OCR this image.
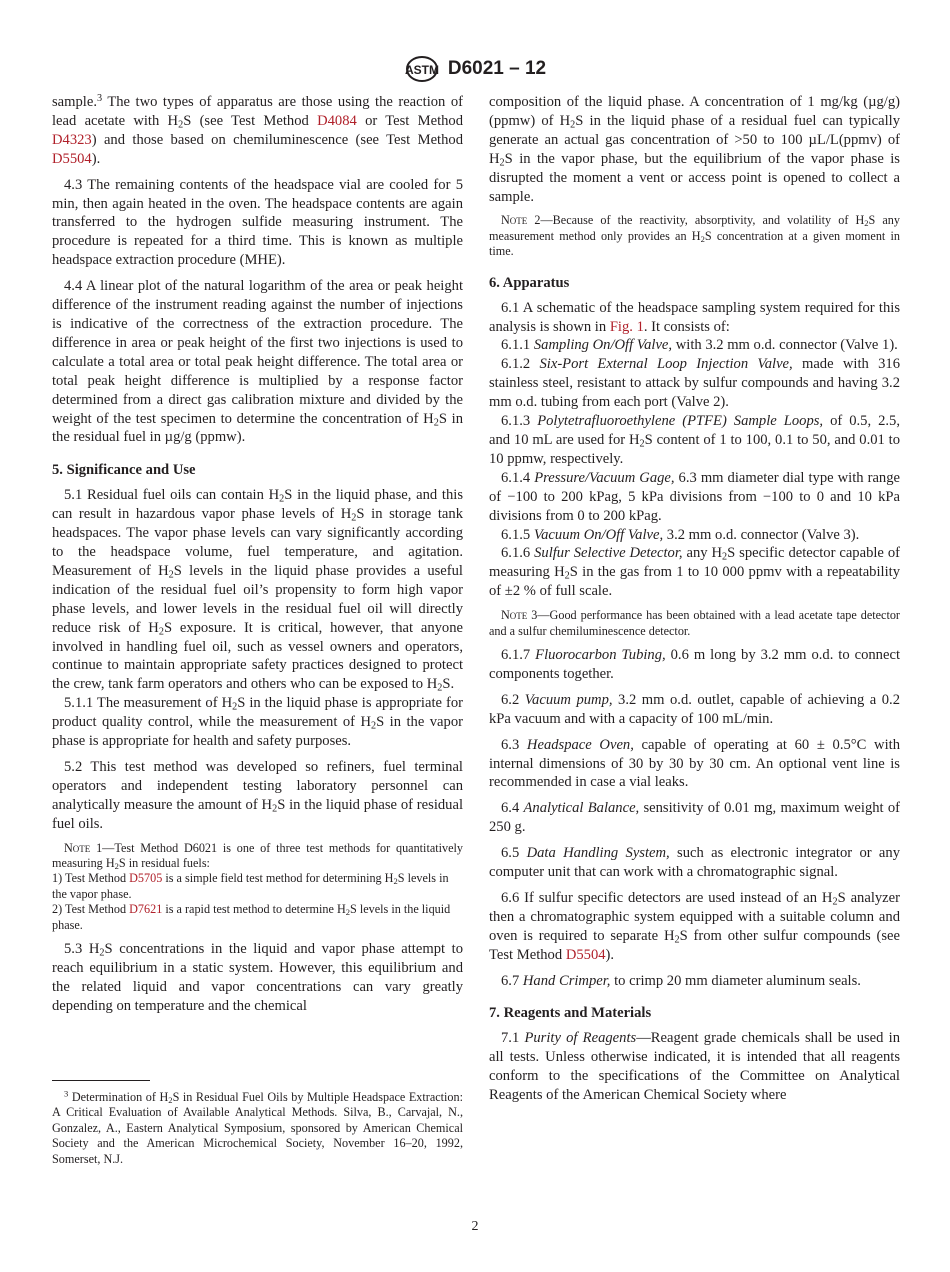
ASTM D6021 – 12

sample.$^3$ The two types of apparatus are those using the reaction of lead acetate with $H_2S$ (see Test Method D4084 or Test Method D4323) and those based on chemiluminescence (see Test Method D5504).

4.3 The remaining contents of the headspace vial are cooled for 5 min, then again heated in the oven. The headspace contents are again transferred to the hydrogen sulfide measuring instrument. The procedure is repeated for a third time. This is known as multiple headspace extraction procedure (MHE).

4.4 A linear plot of the natural logarithm of the area or peak height difference of the instrument reading against the number of injections is indicative of the correctness of the extraction procedure. The difference in area or peak height of the first two injections is used to calculate a total area or total peak height difference. The total area or total peak height difference is multiplied by a response factor determined from a direct gas calibration mixture and divided by the weight of the test specimen to determine the concentration of $H_2S$ in the residual fuel in µg/g (ppmw).

5. Significance and Use

5.1 Residual fuel oils can contain $H_2S$ in the liquid phase, and this can result in hazardous vapor phase levels of $H_2S$ in storage tank headspaces. The vapor phase levels can vary significantly according to the headspace volume, fuel temperature, and agitation. Measurement of $H_2S$ levels in the liquid phase provides a useful indication of the residual fuel oil’s propensity to form high vapor phase levels, and lower levels in the residual fuel oil will directly reduce risk of $H_2S$ exposure. It is critical, however, that anyone involved in handling fuel oil, such as vessel owners and operators, continue to maintain appropriate safety practices designed to protect the crew, tank farm operators and others who can be exposed to $H_2S$.

5.1.1 The measurement of $H_2S$ in the liquid phase is appropriate for product quality control, while the measurement of $H_2S$ in the vapor phase is appropriate for health and safety purposes.

5.2 This test method was developed so refiners, fuel terminal operators and independent testing laboratory personnel can analytically measure the amount of $H_2S$ in the liquid phase of residual fuel oils.

Note 1—Test Method D6021 is one of three test methods for quantitatively measuring $H_2S$ in residual fuels:

1) Test Method D5705 is a simple field test method for determining $H_2S$ levels in the vapor phase.

2) Test Method D7621 is a rapid test method to determine $H_2S$ levels in the liquid phase.

5.3 $H_2S$ concentrations in the liquid and vapor phase attempt to reach equilibrium in a static system. However, this equilibrium and the related liquid and vapor concentrations can vary greatly depending on temperature and the chemical

composition of the liquid phase. A concentration of 1 mg/kg (µg/g) (ppmw) of $H_2S$ in the liquid phase of a residual fuel can typically generate an actual gas concentration of >50 to 100 µL/L(ppmv) of $H_2S$ in the vapor phase, but the equilibrium of the vapor phase is disrupted the moment a vent or access point is opened to collect a sample.

Note 2—Because of the reactivity, absorptivity, and volatility of $H_2S$ any measurement method only provides an $H_2S$ concentration at a given moment in time.

6. Apparatus

6.1 A schematic of the headspace sampling system required for this analysis is shown in Fig. 1. It consists of:

6.1.1 Sampling On/Off Valve, with 3.2 mm o.d. connector (Valve 1).

6.1.2 Six-Port External Loop Injection Valve, made with 316 stainless steel, resistant to attack by sulfur compounds and having 3.2 mm o.d. tubing from each port (Valve 2).

6.1.3 Polytetrafluoroethylene (PTFE) Sample Loops, of 0.5, 2.5, and 10 mL are used for $H_2S$ content of 1 to 100, 0.1 to 50, and 0.01 to 10 ppmw, respectively.

6.1.4 Pressure/Vacuum Gage, 6.3 mm diameter dial type with range of −100 to 200 kPag, 5 kPa divisions from −100 to 0 and 10 kPa divisions from 0 to 200 kPag.

6.1.5 Vacuum On/Off Valve, 3.2 mm o.d. connector (Valve 3).

6.1.6 Sulfur Selective Detector, any $H_2S$ specific detector capable of measuring $H_2S$ in the gas from 1 to 10 000 ppmv with a repeatability of ±2 % of full scale.

Note 3—Good performance has been obtained with a lead acetate tape detector and a sulfur chemiluminescence detector.

6.1.7 Fluorocarbon Tubing, 0.6 m long by 3.2 mm o.d. to connect components together.

6.2 Vacuum pump, 3.2 mm o.d. outlet, capable of achieving a 0.2 kPa vacuum and with a capacity of 100 mL/min.

6.3 Headspace Oven, capable of operating at 60 ± 0.5°C with internal dimensions of 30 by 30 by 30 cm. An optional vent line is recommended in case a vial leaks.

6.4 Analytical Balance, sensitivity of 0.01 mg, maximum weight of 250 g.

6.5 Data Handling System, such as electronic integrator or any computer unit that can work with a chromatographic signal.

6.6 If sulfur specific detectors are used instead of an $H_2S$ analyzer then a chromatographic system equipped with a suitable column and oven is required to separate $H_2S$ from other sulfur compounds (see Test Method D5504).

6.7 Hand Crimper, to crimp 20 mm diameter aluminum seals.

7. Reagents and Materials

7.1 Purity of Reagents—Reagent grade chemicals shall be used in all tests. Unless otherwise indicated, it is intended that all reagents conform to the specifications of the Committee on Analytical Reagents of the American Chemical Society where

$^3$ Determination of $H_2S$ in Residual Fuel Oils by Multiple Headspace Extraction: A Critical Evaluation of Available Analytical Methods. Silva, B., Carvajal, N., Gonzalez, A., Eastern Analytical Symposium, sponsored by American Chemical Society and the American Microchemical Society, November 16–20, 1992, Somerset, N.J.
2
